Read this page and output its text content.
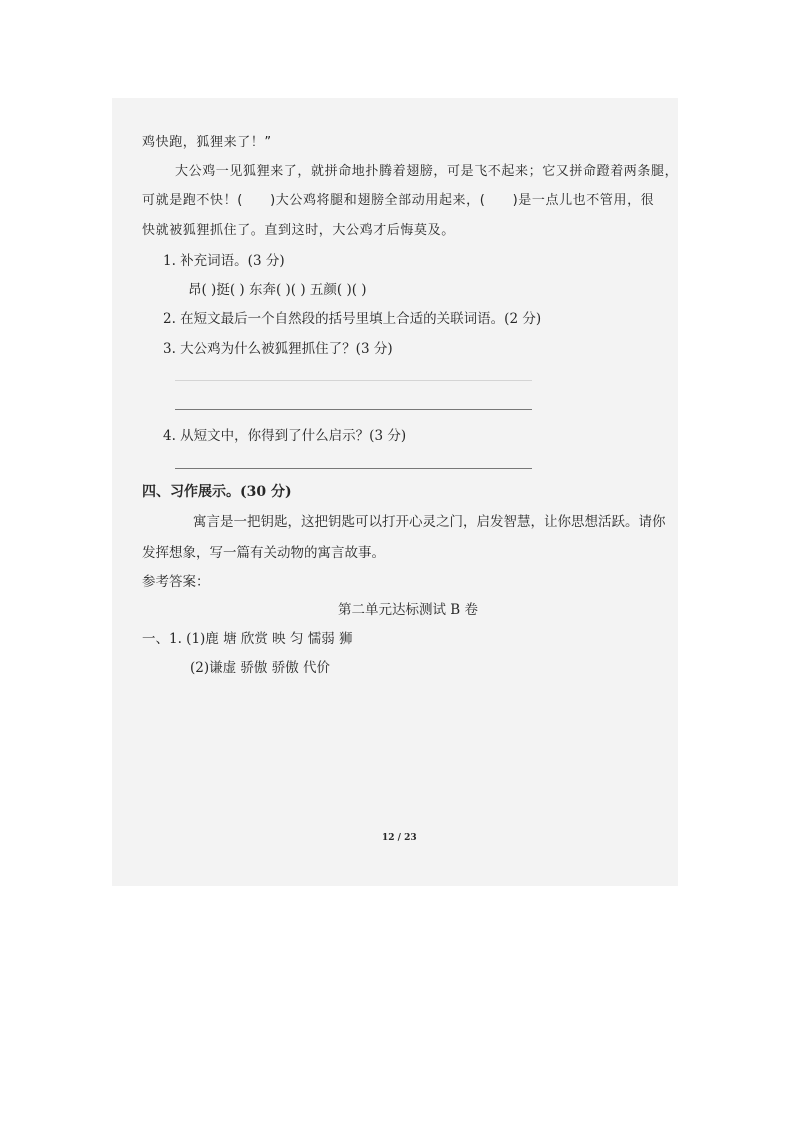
鸡快跑，狐狸来了！”
大公鸡一见狐狸来了，就拼命地扑腾着翅膀，可是飞不起来；它又拼命蹬着两条腿，
可就是跑不快！(　　)大公鸡将腿和翅膀全部动用起来，(　　)是一点儿也不管用，很
快就被狐狸抓住了。直到这时，大公鸡才后悔莫及。
1. 补充词语。(3 分)
昂( )挺( ) 东奔( )( ) 五颜( )( )
2. 在短文最后一个自然段的括号里填上合适的关联词语。(2 分)
3. 大公鸡为什么被狐狸抓住了？(3 分)
4. 从短文中，你得到了什么启示？(3 分)
四、习作展示。(30 分)
寓言是一把钥匙，这把钥匙可以打开心灵之门，启发智慧，让你思想活跃。请你
发挥想象，写一篇有关动物的寓言故事。
参考答案：
第二单元达标测试 B 卷
一、1. (1)鹿 塘 欣赏 映 匀 懦弱 狮
(2)谦虚 骄傲 骄傲 代价
12 / 23
